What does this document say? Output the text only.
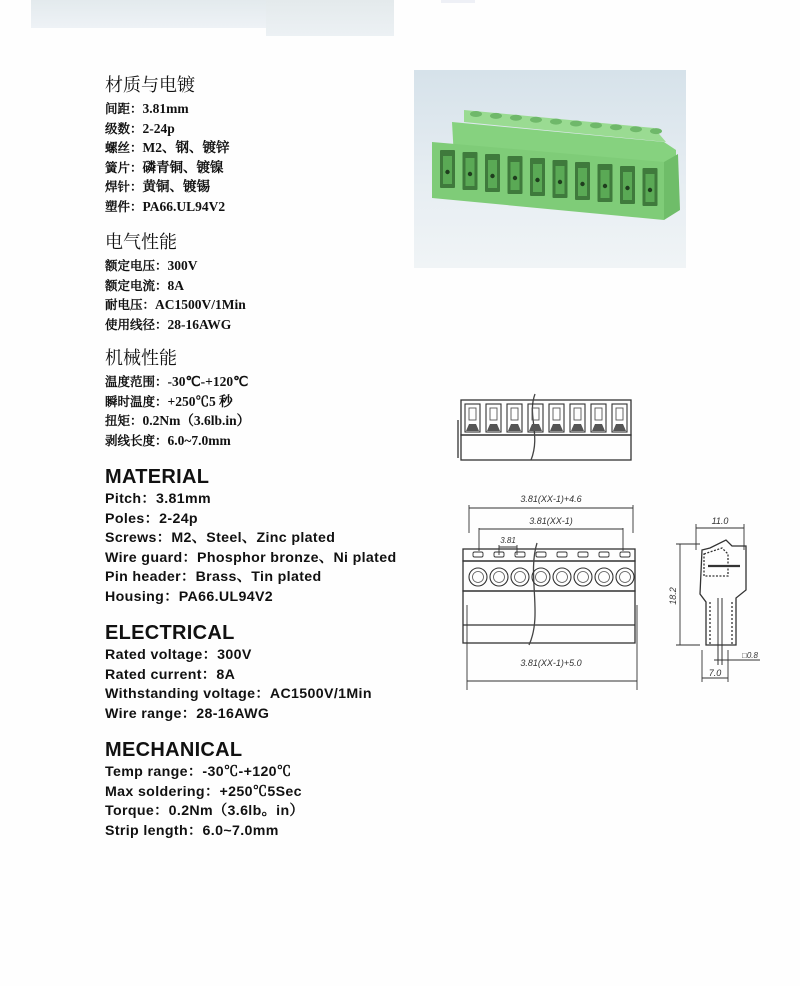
材质与电镀
间距：3.81mm
级数：2-24p
螺丝：M2、钢、镀锌
簧片：磷青铜、镀镍
焊针：黄铜、镀锡
塑件：PA66.UL94V2
电气性能
额定电压：300V
额定电流：8A
耐电压：AC1500V/1Min
使用线径：28-16AWG
机械性能
温度范围：-30℃-+120℃
瞬时温度：+250℃5 秒
扭矩：0.2Nm（3.6lb.in）
剥线长度：6.0~7.0mm
MATERIAL
Pitch：3.81mm
Poles：2-24p
Screws：M2、Steel、Zinc plated
Wire guard：Phosphor bronze、Ni plated
Pin header：Brass、Tin plated
Housing：PA66.UL94V2
ELECTRICAL
Rated voltage：300V
Rated current：8A
Withstanding voltage：AC1500V/1Min
Wire range：28-16AWG
MECHANICAL
Temp range：-30℃-+120℃
Max soldering：+250℃5Sec
Torque：0.2Nm（3.6lb。in）
Strip length：6.0~7.0mm
3.81(XX-1)+4.6
3.81(XX-1)
3.81
3.81(XX-1)+5.0
11.0
18.2
□0.8
7.0
